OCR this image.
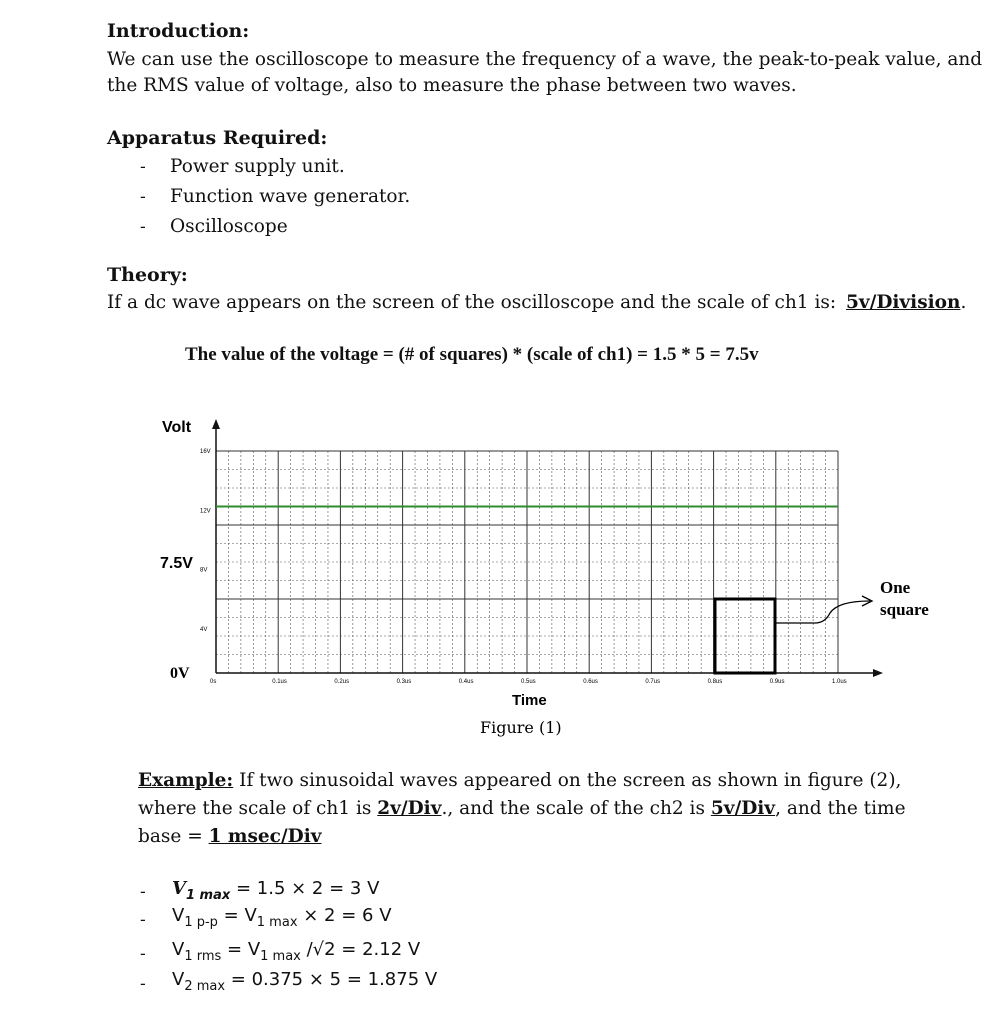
Introduction:
We can use the oscilloscope to measure the frequency of a wave, the peak-to-peak value, and
the RMS value of voltage, also to measure the phase between two waves.
Apparatus Required:
- Power supply unit.
- Function wave generator.
- Oscilloscope
Theory:
If a dc wave appears on the screen of the oscilloscope and the scale of ch1 is: 5v/Division.
The value of the voltage = (# of squares) * (scale of ch1) = 1.5 * 5 = 7.5v
16V
12V
8V
4V
0s	0.1us	0.2us	0.3us	0.4us	0.5us	0.6us	0.7us	0.8us	0.9us	1.0us
Volt
7.5V
0V
Time
One
square
Figure (1)
Example: If two sinusoidal waves appeared on the screen as shown in figure (2),
where the scale of ch1 is 2v/Div., and the scale of the ch2 is 5v/Div, and the time
base = 1 msec/Div
- $V_{1 max} = 1.5 \times 2 = 3$ V
- $V_{1 p-p} = V_{1 max} \times 2 = 6$ V
- $V_{1 rms} = V_{1 max}$ /√2 = 2.12 V
- $V_{2 max} = 0.375 \times 5 = 1.875$ V
